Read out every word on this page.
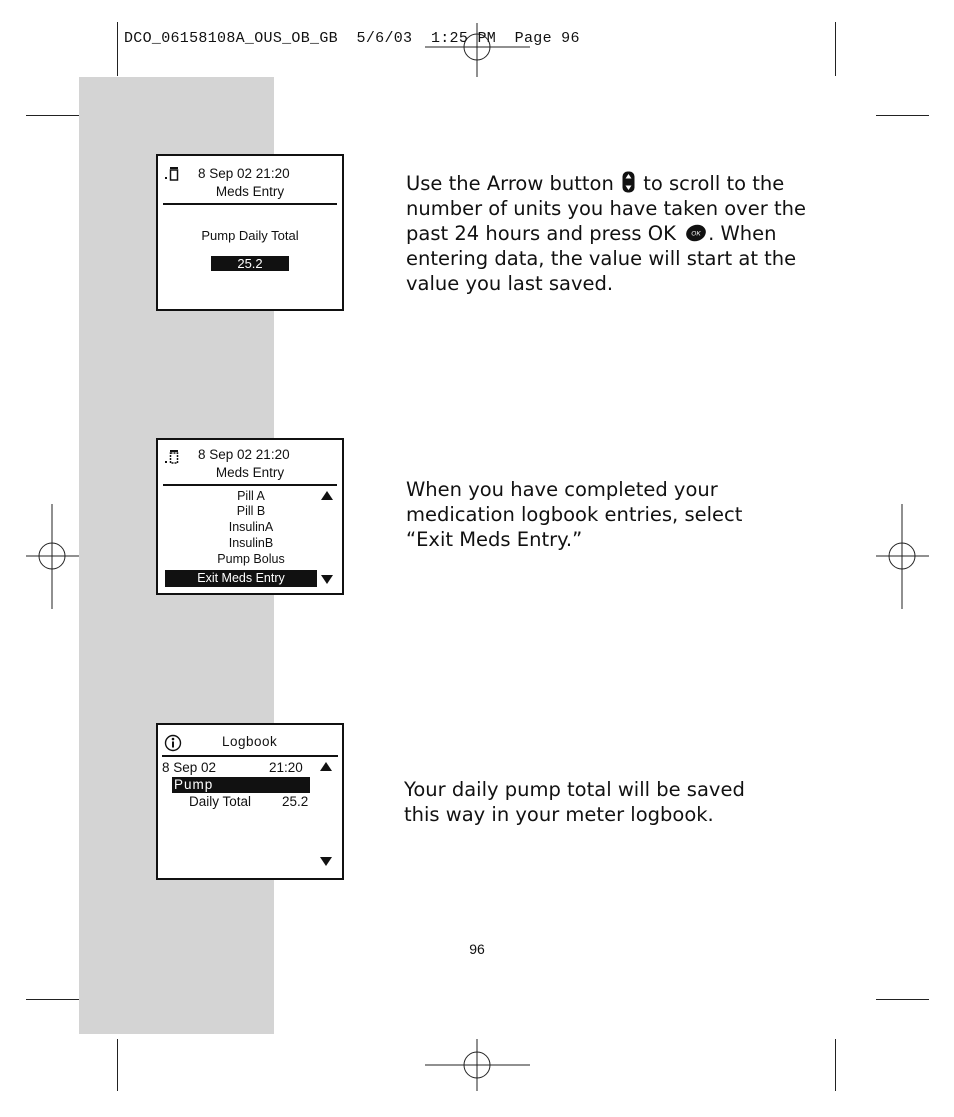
DCO_06158108A_OUS_OB_GB  5/6/03  1:25 PM  Page 96
8 Sep 02 21:20
Meds Entry
Pump Daily Total
25.2
8 Sep 02 21:20
Meds Entry
Pill A
Pill B
InsulinA
InsulinB
Pump Bolus
Exit Meds Entry
Logbook
8 Sep 02	21:20
Pump
Daily Total 25.2
Use the Arrow button to scroll to the number of units you have taken over the past 24 hours and press OK OK . When entering data, the value will start at the value you last saved.
When you have completed your medication logbook entries, select “Exit Meds Entry.”
Your daily pump total will be saved this way in your meter logbook.
96
